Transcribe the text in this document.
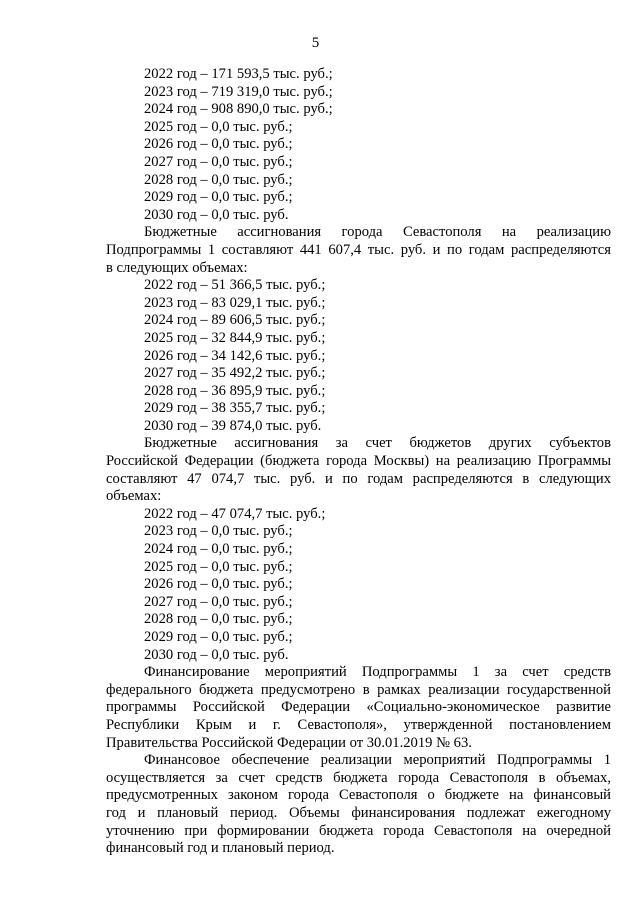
5
2022 год – 171 593,5 тыс. руб.;
2023 год – 719 319,0 тыс. руб.;
2024 год – 908 890,0 тыс. руб.;
2025 год – 0,0 тыс. руб.;
2026 год – 0,0 тыс. руб.;
2027 год – 0,0 тыс. руб.;
2028 год – 0,0 тыс. руб.;
2029 год – 0,0 тыс. руб.;
2030 год – 0,0 тыс. руб.
Бюджетные ассигнования города Севастополя на реализацию
Подпрограммы 1 составляют 441 607,4 тыс. руб. и по годам распределяются
в следующих объемах:
2022 год – 51 366,5 тыс. руб.;
2023 год – 83 029,1 тыс. руб.;
2024 год – 89 606,5 тыс. руб.;
2025 год – 32 844,9 тыс. руб.;
2026 год – 34 142,6 тыс. руб.;
2027 год – 35 492,2 тыс. руб.;
2028 год – 36 895,9 тыс. руб.;
2029 год – 38 355,7 тыс. руб.;
2030 год – 39 874,0 тыс. руб.
Бюджетные ассигнования за счет бюджетов других субъектов
Российской Федерации (бюджета города Москвы) на реализацию Программы
составляют 47 074,7 тыс. руб. и по годам распределяются в следующих
объемах:
2022 год – 47 074,7 тыс. руб.;
2023 год – 0,0 тыс. руб.;
2024 год – 0,0 тыс. руб.;
2025 год – 0,0 тыс. руб.;
2026 год – 0,0 тыс. руб.;
2027 год – 0,0 тыс. руб.;
2028 год – 0,0 тыс. руб.;
2029 год – 0,0 тыс. руб.;
2030 год – 0,0 тыс. руб.
Финансирование мероприятий Подпрограммы 1 за счет средств
федерального бюджета предусмотрено в рамках реализации государственной
программы Российской Федерации «Социально-экономическое развитие
Республики Крым и г. Севастополя», утвержденной постановлением
Правительства Российской Федерации от 30.01.2019 № 63.
Финансовое обеспечение реализации мероприятий Подпрограммы 1
осуществляется за счет средств бюджета города Севастополя в объемах,
предусмотренных законом города Севастополя о бюджете на финансовый
год и плановый период. Объемы финансирования подлежат ежегодному
уточнению при формировании бюджета города Севастополя на очередной
финансовый год и плановый период.
